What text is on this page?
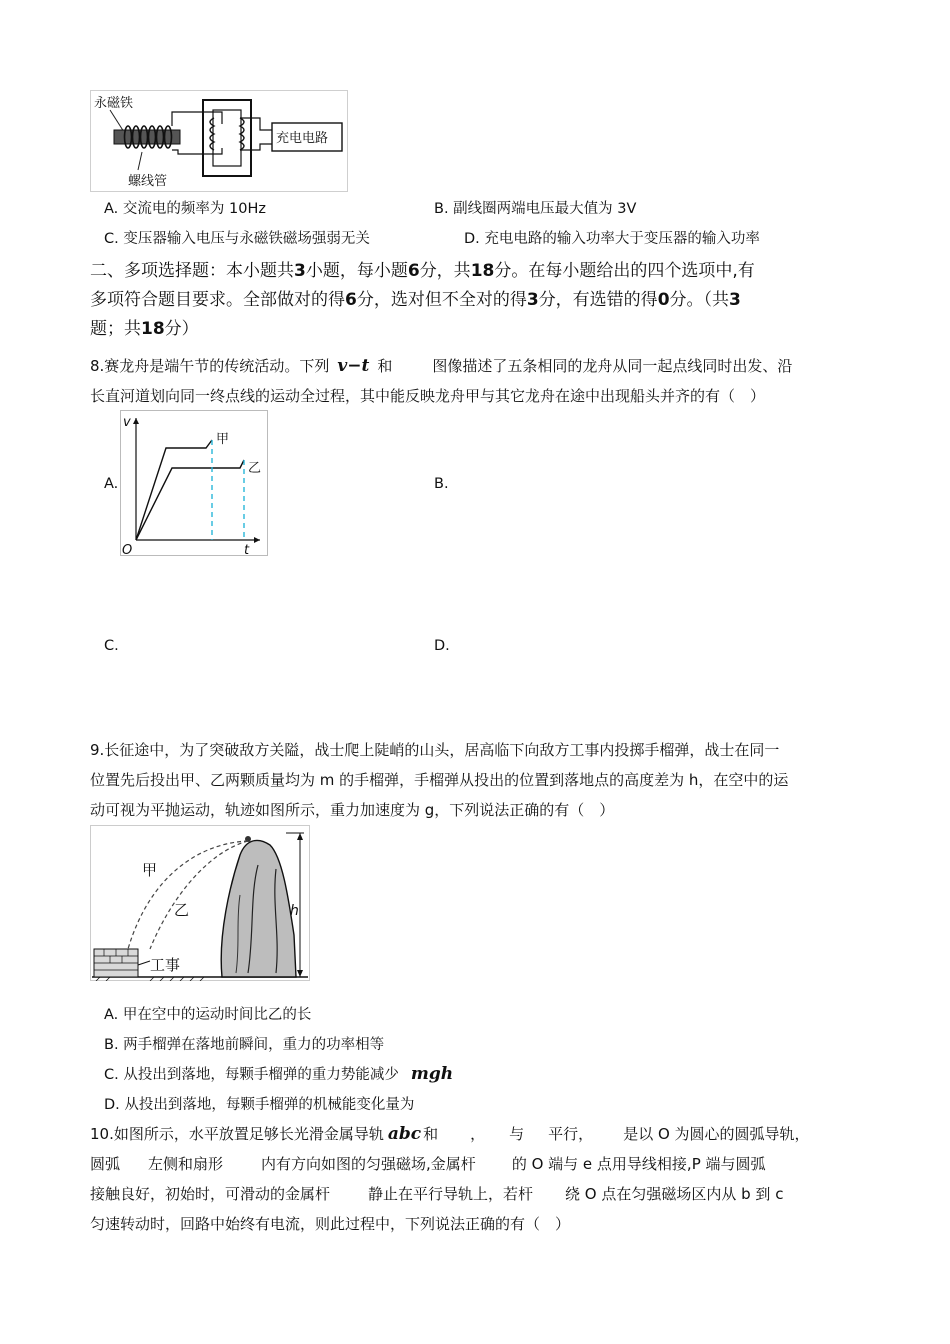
永磁铁
螺线管
充电电路
A. 交流电的频率为 10Hz	B. 副线圈两端电压最大值为 3V
C. 变压器输入电压与永磁铁磁场强弱无关	D. 充电电路的输入功率大于变压器的输入功率
二、多项选择题：本小题共3小题，每小题6分，共18分。在每小题给出的四个选项中,有
多项符合题目要求。全部做对的得6分，选对但不全对的得3分，有选错的得0分。（共3
题；共18分）
8.赛龙舟是端午节的传统活动。下列 v−t 和	图像描述了五条相同的龙舟从同一起点线同时出发、沿
长直河道划向同一终点线的运动全过程，其中能反映龙舟甲与其它龙舟在途中出现船头并齐的有（　）
v
t
O
甲
乙
A.	B.
C.	D.
9.长征途中，为了突破敌方关隘，战士爬上陡峭的山头，居高临下向敌方工事内投掷手榴弹，战士在同一
位置先后投出甲、乙两颗质量均为 m 的手榴弹，手榴弹从投出的位置到落地点的高度差为 h，在空中的运
动可视为平抛运动，轨迹如图所示，重力加速度为 g，下列说法正确的有（　）
甲
乙	h
工事
A. 甲在空中的运动时间比乙的长
B. 两手榴弹在落地前瞬间，重力的功率相等
C. 从投出到落地，每颗手榴弹的重力势能减少 mgh
D. 从投出到落地，每颗手榴弹的机械能变化量为
10.如图所示，水平放置足够长光滑金属导轨 abc 和 ， 与 平行， 是以 O 为圆心的圆弧导轨，
圆弧 左侧和扇形	内有方向如图的匀强磁场,金属杆 的 O 端与 e 点用导线相接,P 端与圆弧
接触良好，初始时，可滑动的金属杆	静止在平行导轨上，若杆 绕 O 点在匀强磁场区内从 b 到 c
匀速转动时，回路中始终有电流，则此过程中，下列说法正确的有（　）
